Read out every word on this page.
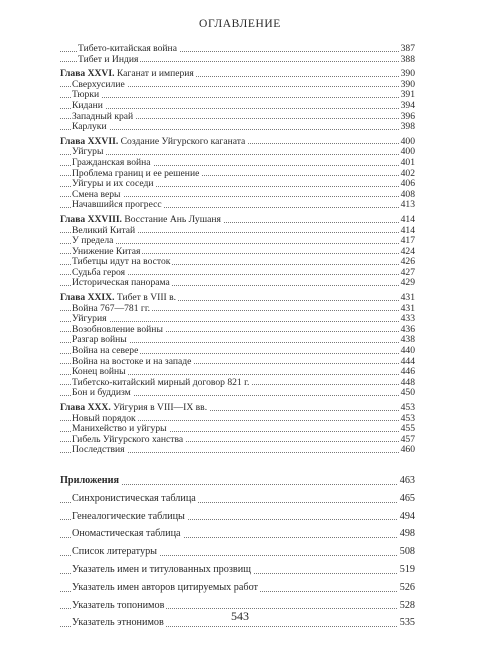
ОГЛАВЛЕНИЕ
Тибето-китайская война	387
Тибет и Индия	388
Глава XXVI. Каганат и империя	390
Сверхусилие	390
Тюрки	391
Кидани	394
Западный край	396
Карлуки	398
Глава XXVII. Создание Уйгурского каганата	400
Уйгуры	400
Гражданская война	401
Проблема границ и ее решение	402
Уйгуры и их соседи	406
Смена веры	408
Начавшийся прогресс	413
Глава XXVIII. Восстание Ань Лушаня	414
Великий Китай	414
У предела	417
Унижение Китая	424
Тибетцы идут на восток	426
Судьба героя	427
Историческая панорама	429
Глава XXIX. Тибет в VIII в.	431
Война 767—781 гг.	431
Уйгурия	433
Возобновление войны	436
Разгар войны	438
Война на севере	440
Война на востоке и на западе	444
Конец войны	446
Тибетско-китайский мирный договор 821 г.	448
Бон и буддизм	450
Глава XXX. Уйгурия в VIII—IX вв.	453
Новый порядок	453
Манихейство и уйгуры	455
Гибель Уйгурского ханства	457
Последствия	460
Приложения	463
Синхронистическая таблица	465
Генеалогические таблицы	494
Ономастическая таблица	498
Список литературы	508
Указатель имен и титулованных прозвищ	519
Указатель имен авторов цитируемых работ	526
Указатель топонимов	528
Указатель этнонимов	535
543
